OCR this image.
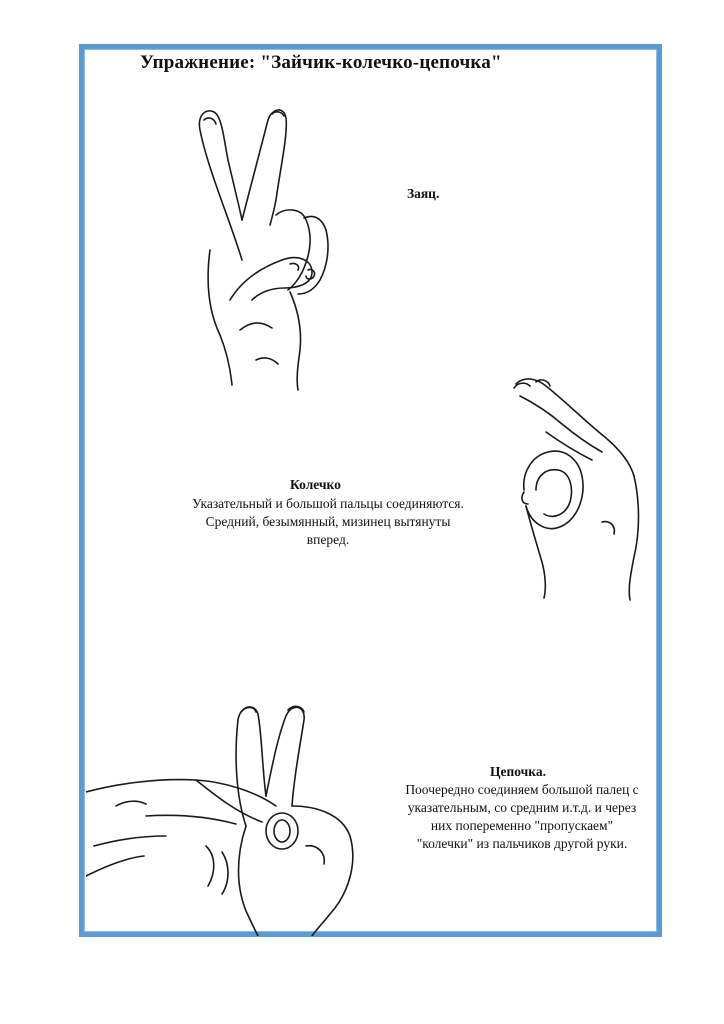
Упражнение: "Зайчик-колечко-цепочка"
Заяц.
Колечко
Указательный и большой пальцы соединяются.
Средний, безымянный, мизинец вытянуты
вперед.
Цепочка.
Поочередно соединяем большой палец с
указательным, со средним и.т.д. и через
них попеременно "пропускаем"
"колечки" из пальчиков другой руки.
